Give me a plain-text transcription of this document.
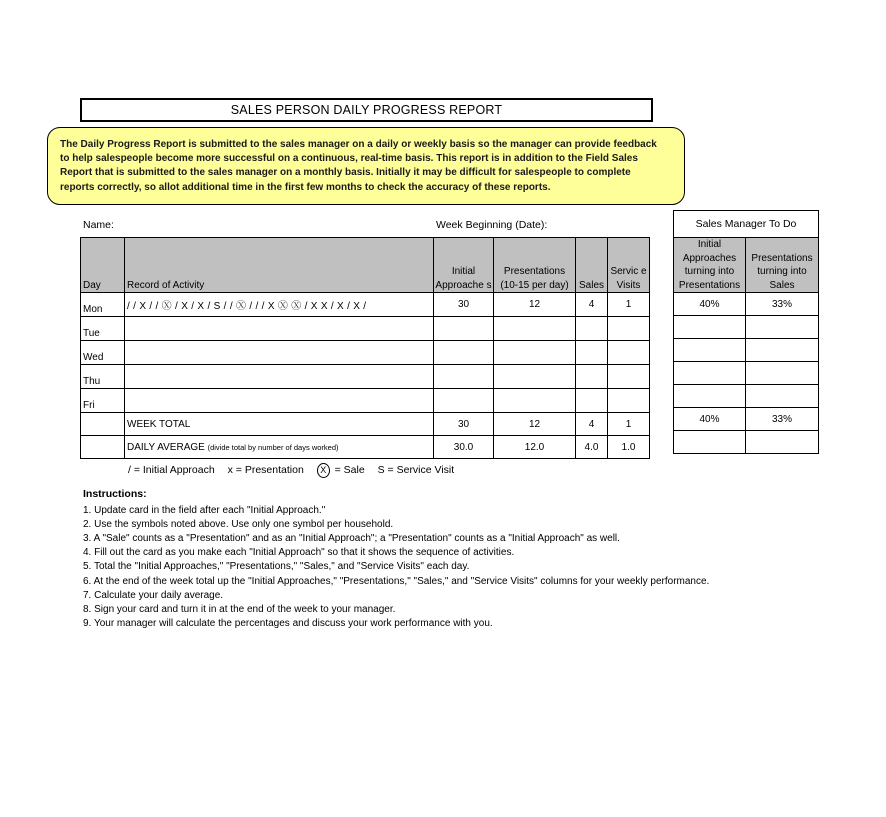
SALES PERSON DAILY PROGRESS REPORT
The Daily Progress Report is submitted to the sales manager on a daily or weekly basis so the manager can provide feedback
to help salespeople become more successful on a continuous, real-time basis. This report is in addition to the Field Sales
Report that is submitted to the sales manager on a monthly basis. Initially it may be difficult for salespeople to complete
reports correctly, so allot additional time in the first few months to check the accuracy of these reports.
Name:	Week Beginning (Date):
Day	Record of Activity	Initial Approache s	Presentations (10-15 per day)	Sales	Servic e Visits
Mon	/ / X / / Ⓧ / X / X / S / / Ⓧ / / / X Ⓧ Ⓧ / X X / X / X /	30	12	4	1
Tue					
Wed					
Thu					
Fri					
	WEEK TOTAL	30	12	4	1
	DAILY AVERAGE (divide total by number of days worked)	30.0	12.0	4.0	1.0
Sales Manager To Do	
Initial Approaches turning into Presentations	Presentations turning into Sales
40%	33%

40%	33%

/ = Initial Approach x = Presentation X = Sale S = Service Visit
Instructions:
1. Update card in the field after each "Initial Approach."
2. Use the symbols noted above. Use only one symbol per household.
3. A "Sale" counts as a "Presentation" and as an "Initial Approach"; a "Presentation" counts as a "Initial Approach" as well.
4. Fill out the card as you make each "Initial Approach" so that it shows the sequence of activities.
5. Total the "Initial Approaches," "Presentations," "Sales," and "Service Visits" each day.
6. At the end of the week total up the "Initial Approaches," "Presentations," "Sales," and "Service Visits" columns for your weekly performance.
7. Calculate your daily average.
8. Sign your card and turn it in at the end of the week to your manager.
9. Your manager will calculate the percentages and discuss your work performance with you.
